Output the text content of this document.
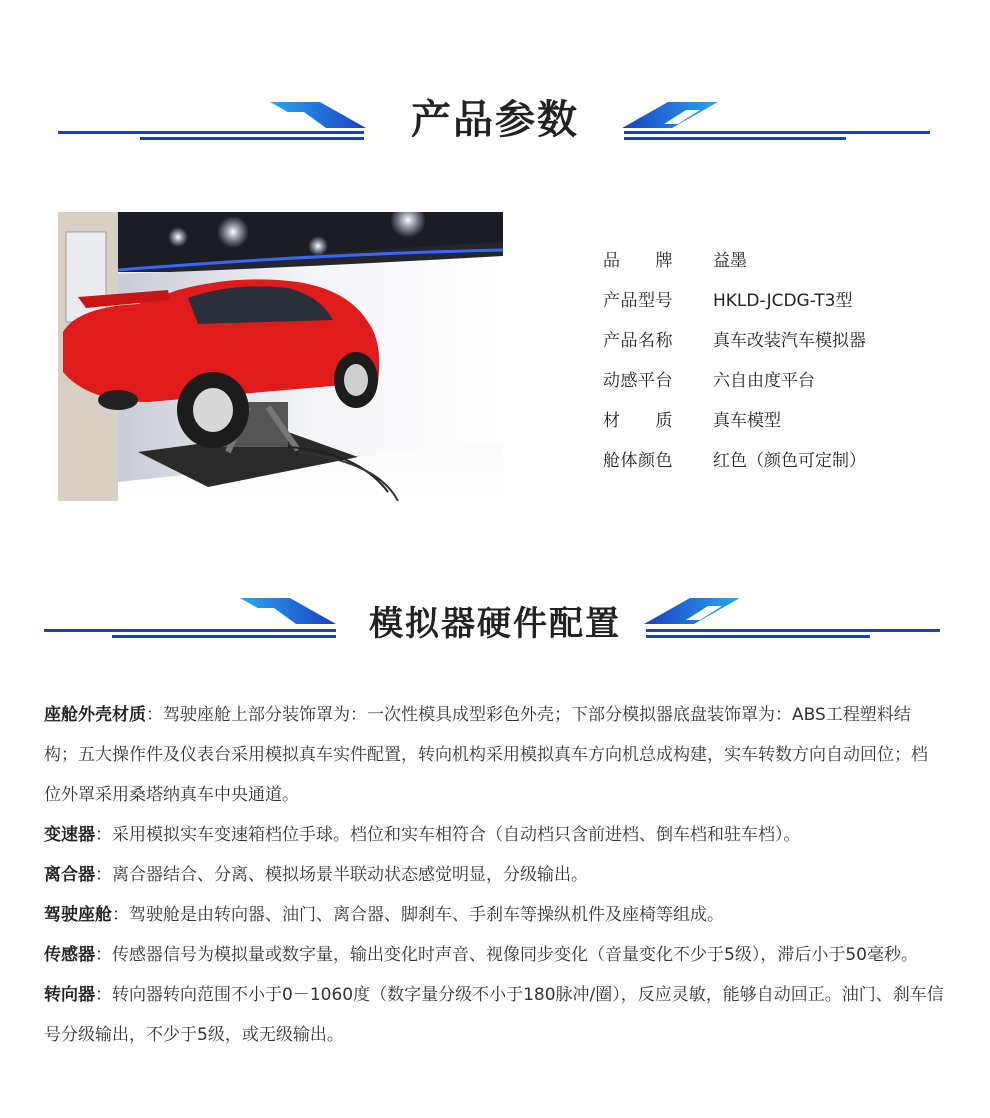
产品参数
品　　牌 益墨
产品型号 HKLD-JCDG-T3型
产品名称 真车改装汽车模拟器
动感平台 六自由度平台
材　　质 真车模型
舱体颜色 红色（颜色可定制）
模拟器硬件配置

座舱外壳材质：驾驶座舱上部分装饰罩为：一次性模具成型彩色外壳；下部分模拟器底盘装饰罩为：ABS工程塑料结构；五大操作件及仪表台采用模拟真车实件配置，转向机构采用模拟真车方向机总成构建，实车转数方向自动回位；档位外罩采用桑塔纳真车中央通道。

变速器：采用模拟实车变速箱档位手球。档位和实车相符合（自动档只含前进档、倒车档和驻车档）。

离合器：离合器结合、分离、模拟场景半联动状态感觉明显，分级输出。

驾驶座舱：驾驶舱是由转向器、油门、离合器、脚刹车、手刹车等操纵机件及座椅等组成。

传感器：传感器信号为模拟量或数字量，输出变化时声音、视像同步变化（音量变化不少于5级），滞后小于50毫秒。

转向器：转向器转向范围不小于0－1060度（数字量分级不小于180脉冲/圈），反应灵敏，能够自动回正。油门、刹车信号分级输出，不少于5级，或无级输出。
